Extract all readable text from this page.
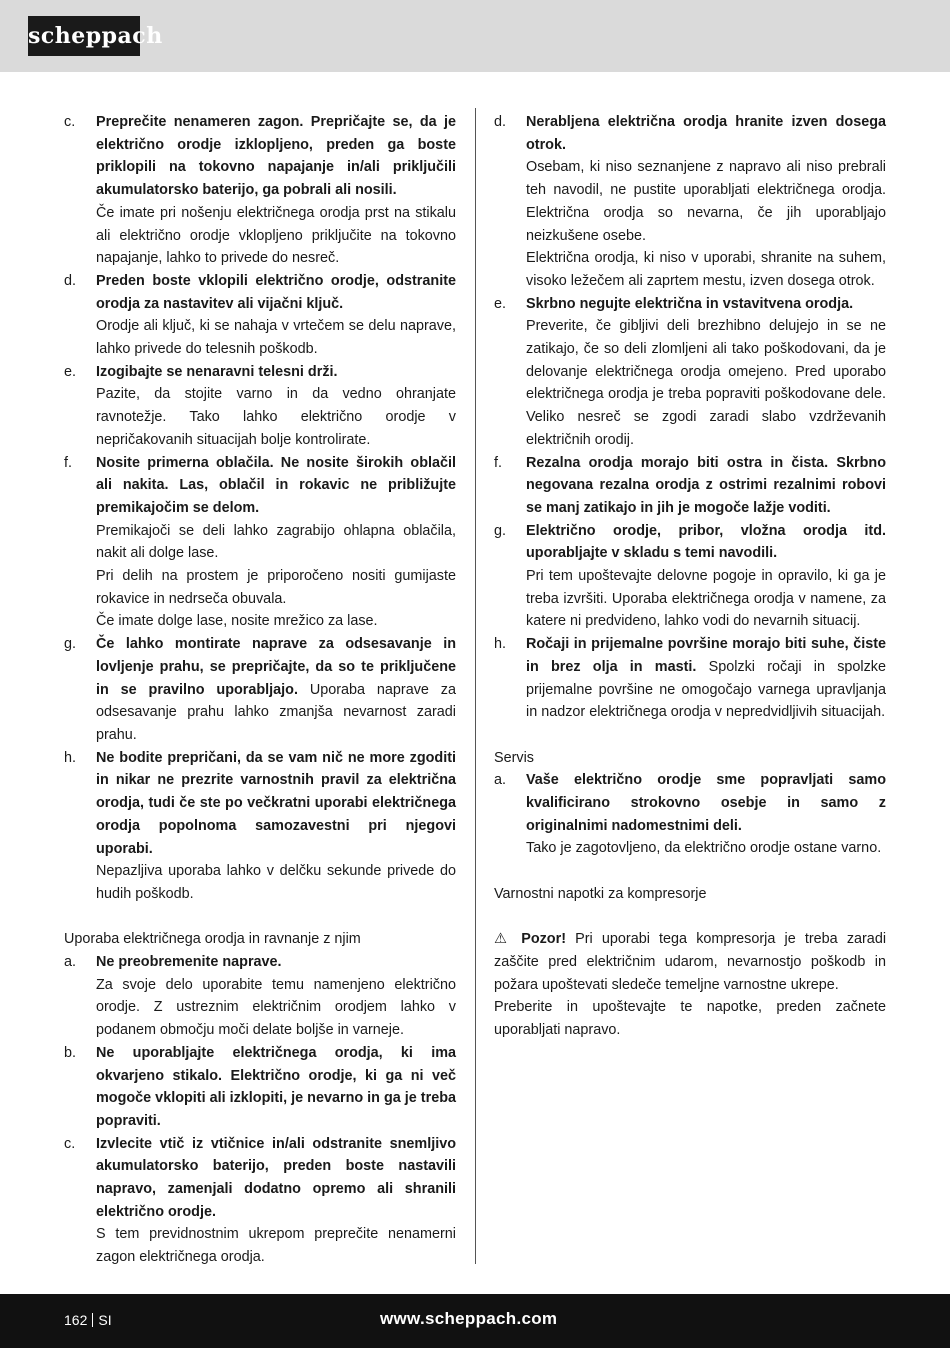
scheppach
c. Preprečite nenameren zagon. Prepričajte se, da je električno orodje izklopljeno, preden ga boste priklopili na tokovno napajanje in/ali priključili akumulatorsko baterijo, ga pobrali ali nosili.

Če imate pri nošenju električnega orodja prst na stikalu ali električno orodje vklopljeno priključite na tokovno napajanje, lahko to privede do nesreč.

d. Preden boste vklopili električno orodje, odstranite orodja za nastavitev ali vijačni ključ.

Orodje ali ključ, ki se nahaja v vrtečem se delu naprave, lahko privede do telesnih poškodb.

e. Izogibajte se nenaravni telesni drži.

Pazite, da stojite varno in da vedno ohranjate ravnotežje. Tako lahko električno orodje v nepričakovanih situacijah bolje kontrolirate.

f. Nosite primerna oblačila. Ne nosite širokih oblačil ali nakita. Las, oblačil in rokavic ne približujte premikajočim se delom.

Premikajoči se deli lahko zagrabijo ohlapna oblačila, nakit ali dolge lase.

Pri delih na prostem je priporočeno nositi gumijaste rokavice in nedrseča obuvala.

Če imate dolge lase, nosite mrežico za lase.

g. Če lahko montirate naprave za odsesavanje in lovljenje prahu, se prepričajte, da so te priključene in se pravilno uporabljajo. Uporaba naprave za odsesavanje prahu lahko zmanjša nevarnost zaradi prahu.

h. Ne bodite prepričani, da se vam nič ne more zgoditi in nikar ne prezrite varnostnih pravil za električna orodja, tudi če ste po večkratni uporabi električnega orodja popolnoma samozavestni pri njegovi uporabi.

Nepazljiva uporaba lahko v delčku sekunde privede do hudih poškodb.

Uporaba električnega orodja in ravnanje z njim

a. Ne preobremenite naprave.

Za svoje delo uporabite temu namenjeno električno orodje. Z ustreznim električnim orodjem lahko v podanem območju moči delate boljše in varneje.

b. Ne uporabljajte električnega orodja, ki ima okvarjeno stikalo. Električno orodje, ki ga ni več mogoče vklopiti ali izklopiti, je nevarno in ga je treba popraviti.

c. Izvlecite vtič iz vtičnice in/ali odstranite snemljivo akumulatorsko baterijo, preden boste nastavili napravo, zamenjali dodatno opremo ali shranili električno orodje.

S tem previdnostnim ukrepom preprečite nenamerni zagon električnega orodja.

d. Nerabljena električna orodja hranite izven dosega otrok.

Osebam, ki niso seznanjene z napravo ali niso prebrali teh navodil, ne pustite uporabljati električnega orodja. Električna orodja so nevarna, če jih uporabljajo neizkušene osebe.

Električna orodja, ki niso v uporabi, shranite na suhem, visoko ležečem ali zaprtem mestu, izven dosega otrok.

e. Skrbno negujte električna in vstavitvena orodja.

Preverite, če gibljivi deli brezhibno delujejo in se ne zatikajo, če so deli zlomljeni ali tako poškodovani, da je delovanje električnega orodja omejeno. Pred uporabo električnega orodja je treba popraviti poškodovane dele. Veliko nesreč se zgodi zaradi slabo vzdrževanih električnih orodij.

f. Rezalna orodja morajo biti ostra in čista. Skrbno negovana rezalna orodja z ostrimi rezalnimi robovi se manj zatikajo in jih je mogoče lažje voditi.

g. Električno orodje, pribor, vložna orodja itd. uporabljajte v skladu s temi navodili.

Pri tem upoštevajte delovne pogoje in opravilo, ki ga je treba izvršiti. Uporaba električnega orodja v namene, za katere ni predvideno, lahko vodi do nevarnih situacij.

h. Ročaji in prijemalne površine morajo biti suhe, čiste in brez olja in masti. Spolzki ročaji in spolzke prijemalne površine ne omogočajo varnega upravljanja in nadzor električnega orodja v nepredvidljivih situacijah.

Servis

a. Vaše električno orodje sme popravljati samo kvalificirano strokovno osebje in samo z originalnimi nadomestnimi deli.

Tako je zagotovljeno, da električno orodje ostane varno.

Varnostni napotki za kompresorje

⚠ Pozor! Pri uporabi tega kompresorja je treba zaradi zaščite pred električnim udarom, nevarnostjo poškodb in požara upoštevati sledeče temeljne varnostne ukrepe.

Preberite in upoštevajte te napotke, preden začnete uporabljati napravo.

162 SI	www.scheppach.com
